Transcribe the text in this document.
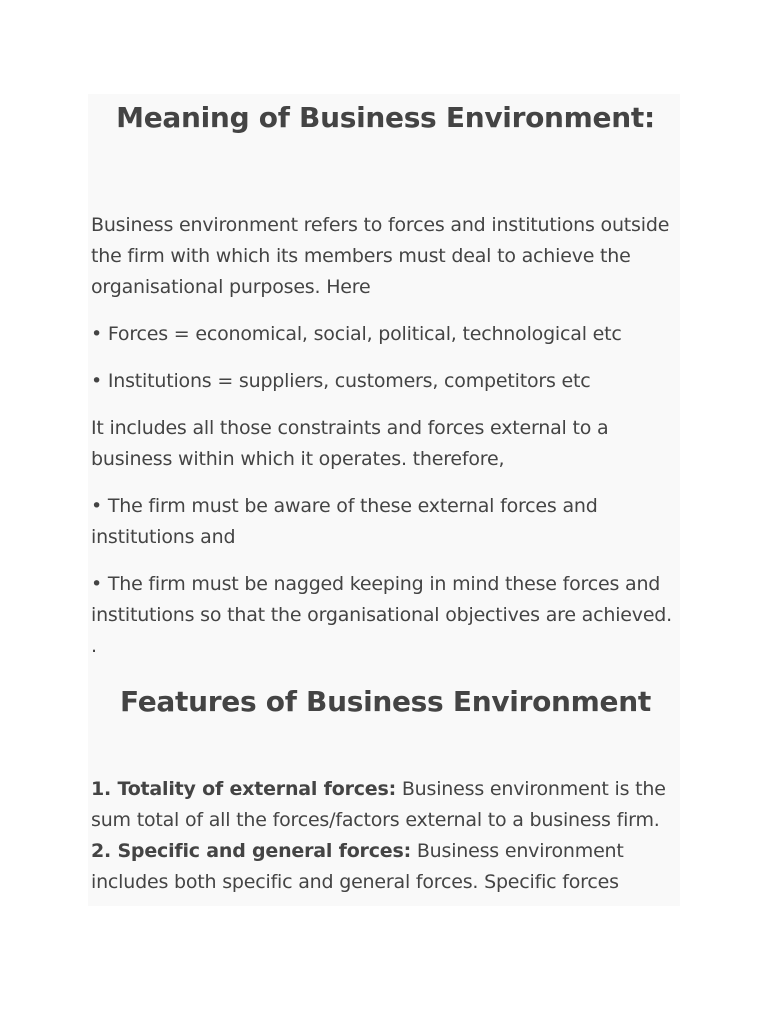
Meaning of Business Environment:

Business environment refers to forces and institutions outside the firm with which its members must deal to achieve the organisational purposes. Here

• Forces = economical, social, political, technological etc

• Institutions = suppliers, customers, competitors etc

It includes all those constraints and forces external to a business within which it operates. therefore,

• The firm must be aware of these external forces and institutions and

• The firm must be nagged keeping in mind these forces and institutions so that the organisational objectives are achieved. .

Features of Business Environment

1. Totality of external forces: Business environment is the sum total of all the forces/factors external to a business firm.

2. Specific and general forces: Business environment includes both specific and general forces. Specific forces
